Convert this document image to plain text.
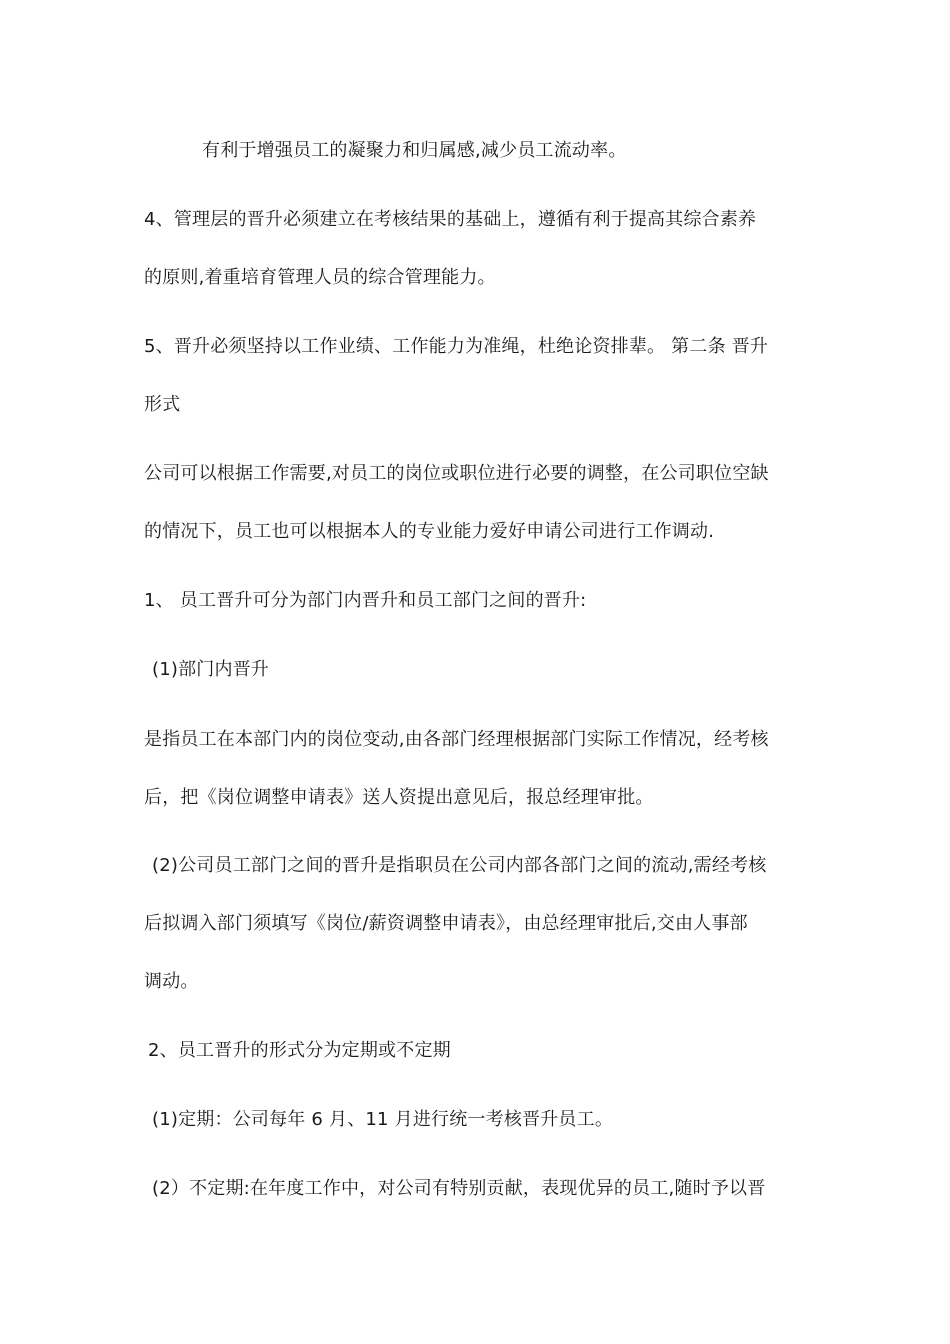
有利于增强员工的凝聚力和归属感,减少员工流动率。
4、管理层的晋升必须建立在考核结果的基础上，遵循有利于提高其综合素养
的原则,着重培育管理人员的综合管理能力。
5、晋升必须坚持以工作业绩、工作能力为准绳，杜绝论资排辈。 第二条 晋升
形式
公司可以根据工作需要,对员工的岗位或职位进行必要的调整，在公司职位空缺
的情况下，员工也可以根据本人的专业能力爱好申请公司进行工作调动.
1、 员工晋升可分为部门内晋升和员工部门之间的晋升:
(1)部门内晋升
是指员工在本部门内的岗位变动,由各部门经理根据部门实际工作情况，经考核
后，把《岗位调整申请表》送人资提出意见后，报总经理审批。
(2)公司员工部门之间的晋升是指职员在公司内部各部门之间的流动,需经考核
后拟调入部门须填写《岗位/薪资调整申请表》，由总经理审批后,交由人事部
调动。
2、员工晋升的形式分为定期或不定期
(1)定期：公司每年 6 月、11 月进行统一考核晋升员工。
(2）不定期:在年度工作中，对公司有特别贡献，表现优异的员工,随时予以晋
